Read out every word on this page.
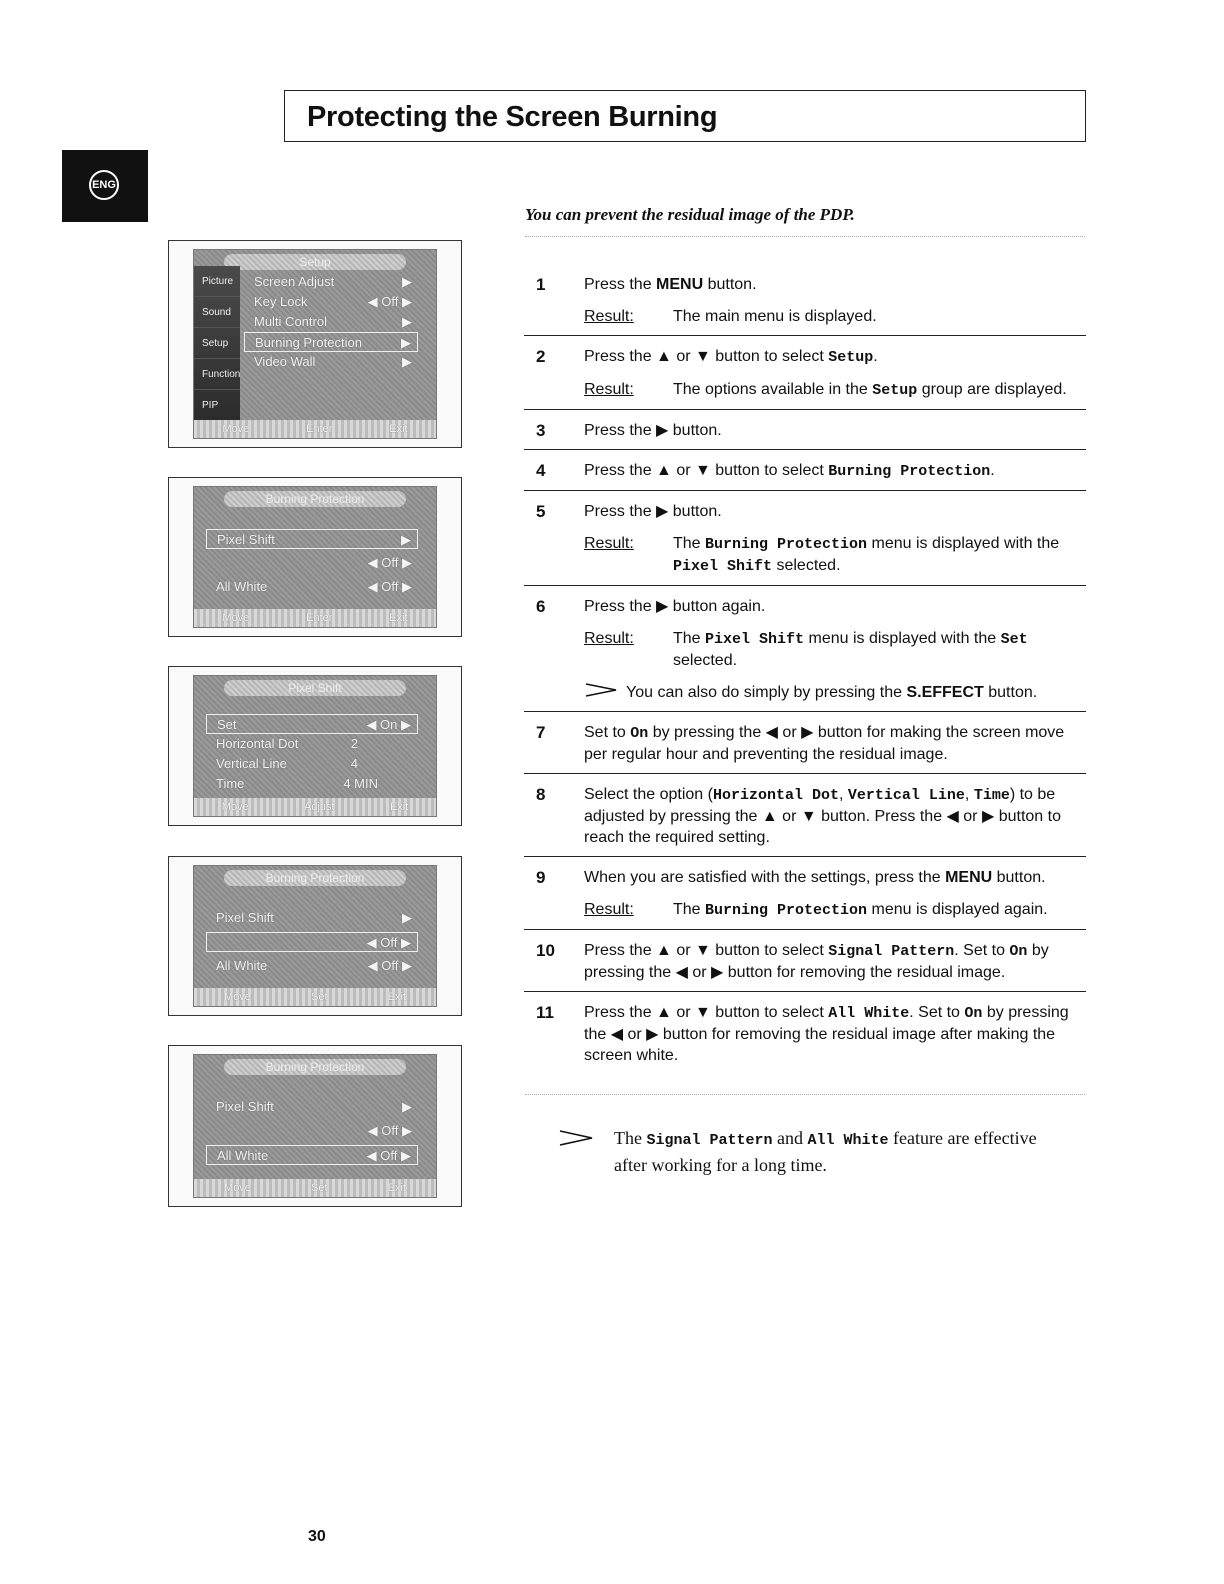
Protecting the Screen Burning
ENG
You can prevent the residual image of the PDP.
1 Press the MENU button.
Result:	The main menu is displayed.
2 Press the ▲ or ▼ button to select Setup.
Result:	The options available in the Setup group are displayed.
3 Press the ▶ button.
4 Press the ▲ or ▼ button to select Burning Protection.
5 Press the ▶ button.
Result:	The Burning Protection menu is displayed with the Pixel Shift selected.
6 Press the ▶ button again.
Result:	The Pixel Shift menu is displayed with the Set selected.
You can also do simply by pressing the S.EFFECT button.
7 Set to On by pressing the ◀ or ▶ button for making the screen move per regular hour and preventing the residual image.
8 Select the option (Horizontal Dot, Vertical Line, Time) to be adjusted by pressing the ▲ or ▼ button. Press the ◀ or ▶ button to reach the required setting.
9 When you are satisfied with the settings, press the MENU button.
Result:	The Burning Protection menu is displayed again.
10 Press the ▲ or ▼ button to select Signal Pattern. Set to On by pressing the ◀ or ▶ button for removing the residual image.
11 Press the ▲ or ▼ button to select All White. Set to On by pressing the ◀ or ▶ button for removing the residual image after making the screen white.
The Signal Pattern and All White feature are effective after working for a long time.
Setup
Picture
Sound
Setup
Function
PIP
Screen Adjust	▶
Key Lock	◀ Off ▶
Multi Control	▶
Burning Protection	▶
Video Wall	▶
Move	Enter	Exit
Burning Protection
Pixel Shift	▶
◀ Off ▶
All White	◀ Off ▶
Move	Enter	Exit
Pixel Shift
Set	◀ On ▶
Horizontal Dot	2
Vertical Line	4
Time	4 MIN
Move	Adjust	Exit
Burning Protection
Pixel Shift	▶
◀ Off ▶
All White	◀ Off ▶
Move	Set	Exit
Burning Protection
Pixel Shift	▶
◀ Off ▶
All White	◀ Off ▶
Move	Set	Exit
30
